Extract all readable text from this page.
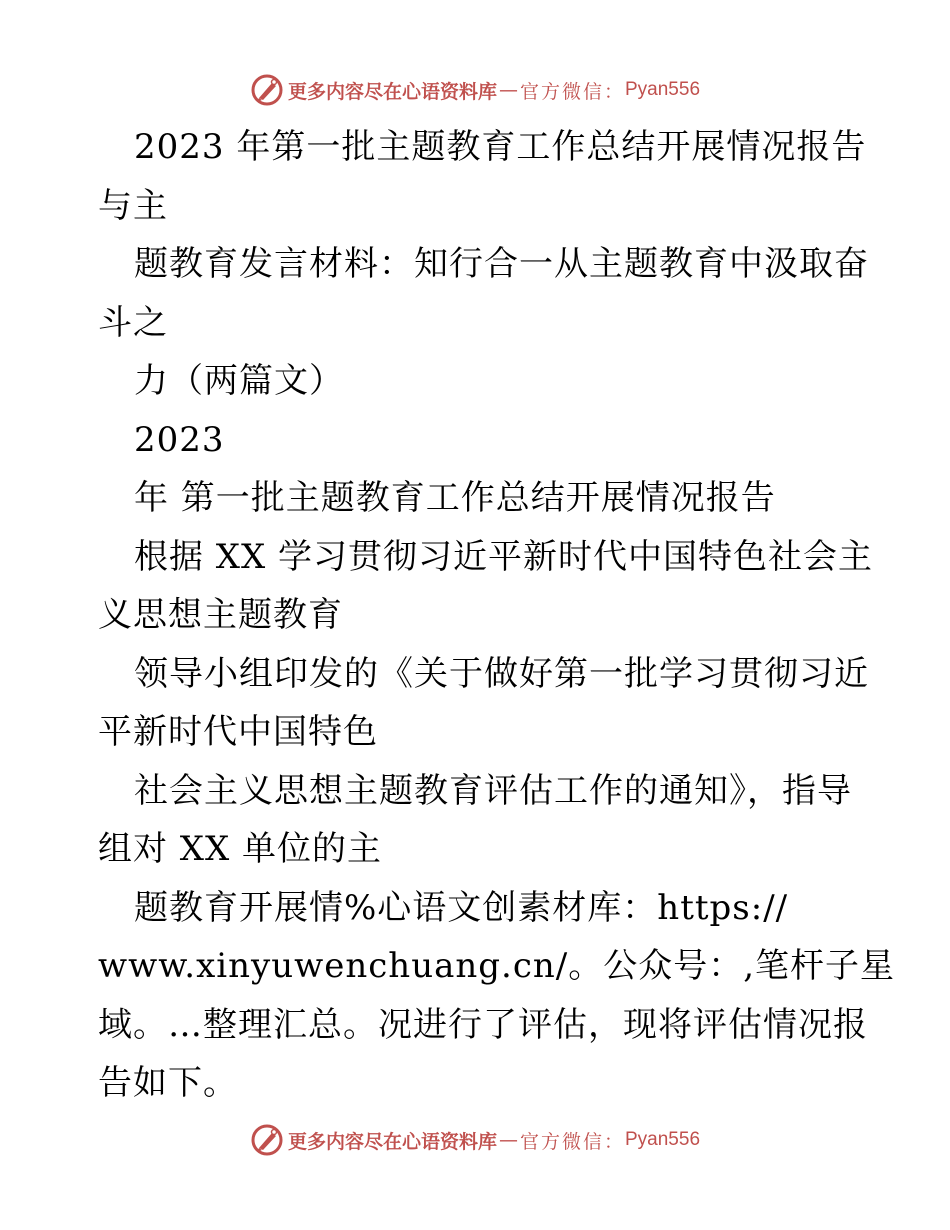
更多内容尽在心语资料库 — 官方微信： Pyan556
2023 年第一批主题教育工作总结开展情况报告
与主
题教育发言材料：知行合一从主题教育中汲取奋
斗之
力（两篇文）
2023
年 第一批主题教育工作总结开展情况报告
根据 XX 学习贯彻习近平新时代中国特色社会主
义思想主题教育
领导小组印发的《关于做好第一批学习贯彻习近
平新时代中国特色
社会主义思想主题教育评估工作的通知》，指导
组对 XX 单位的主
题教育开展情%心语文创素材库：https://
www.xinyuwenchuang.cn/。公众号：,笔杆子星
域。…整理汇总。况进行了评估，现将评估情况报
告如下。
更多内容尽在心语资料库 — 官方微信： Pyan556
